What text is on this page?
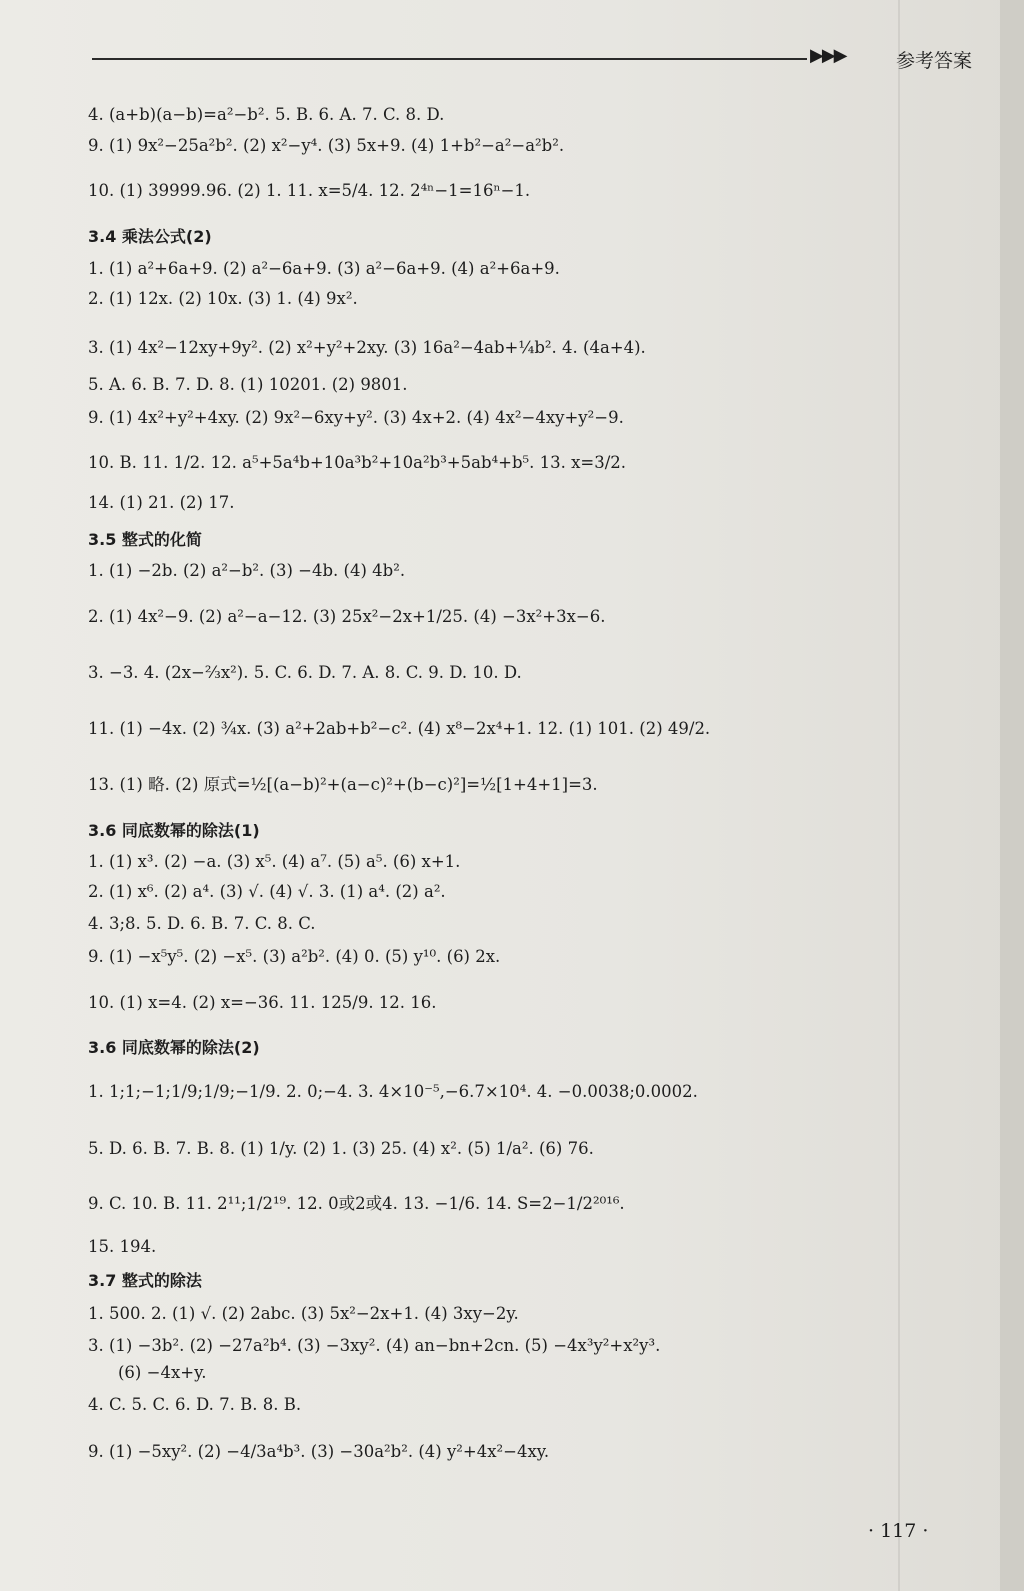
▶▶▶	参考答案
4. (a+b)(a−b)=a²−b². 5. B. 6. A. 7. C. 8. D.
9. (1) 9x²−25a²b². (2) x²−y⁴. (3) 5x+9. (4) 1+b²−a²−a²b².
10. (1) 39999.96. (2) 1. 11. x=5/4. 12. 2⁴ⁿ−1=16ⁿ−1.
3.4 乘法公式(2)
1. (1) a²+6a+9. (2) a²−6a+9. (3) a²−6a+9. (4) a²+6a+9.
2. (1) 12x. (2) 10x. (3) 1. (4) 9x².
3. (1) 4x²−12xy+9y². (2) x²+y²+2xy. (3) 16a²−4ab+¼b². 4. (4a+4).
5. A. 6. B. 7. D. 8. (1) 10201. (2) 9801.
9. (1) 4x²+y²+4xy. (2) 9x²−6xy+y². (3) 4x+2. (4) 4x²−4xy+y²−9.
10. B. 11. 1/2. 12. a⁵+5a⁴b+10a³b²+10a²b³+5ab⁴+b⁵. 13. x=3/2.
14. (1) 21. (2) 17.
3.5 整式的化简
1. (1) −2b. (2) a²−b². (3) −4b. (4) 4b².
2. (1) 4x²−9. (2) a²−a−12. (3) 25x²−2x+1/25. (4) −3x²+3x−6.
3. −3. 4. (2x−⅔x²). 5. C. 6. D. 7. A. 8. C. 9. D. 10. D.
11. (1) −4x. (2) ¾x. (3) a²+2ab+b²−c². (4) x⁸−2x⁴+1. 12. (1) 101. (2) 49/2.
13. (1) 略. (2) 原式=½[(a−b)²+(a−c)²+(b−c)²]=½[1+4+1]=3.
3.6 同底数幂的除法(1)
1. (1) x³. (2) −a. (3) x⁵. (4) a⁷. (5) a⁵. (6) x+1.
2. (1) x⁶. (2) a⁴. (3) √. (4) √. 3. (1) a⁴. (2) a².
4. 3;8. 5. D. 6. B. 7. C. 8. C.
9. (1) −x⁵y⁵. (2) −x⁵. (3) a²b². (4) 0. (5) y¹⁰. (6) 2x.
10. (1) x=4. (2) x=−36. 11. 125/9. 12. 16.
3.6 同底数幂的除法(2)
1. 1;1;−1;1/9;1/9;−1/9. 2. 0;−4. 3. 4×10⁻⁵,−6.7×10⁴. 4. −0.0038;0.0002.
5. D. 6. B. 7. B. 8. (1) 1/y. (2) 1. (3) 25. (4) x². (5) 1/a². (6) 76.
9. C. 10. B. 11. 2¹¹;1/2¹⁹. 12. 0或2或4. 13. −1/6. 14. S=2−1/2²⁰¹⁶.
15. 194.
3.7 整式的除法
1. 500. 2. (1) √. (2) 2abc. (3) 5x²−2x+1. (4) 3xy−2y.
3. (1) −3b². (2) −27a²b⁴. (3) −3xy². (4) an−bn+2cn. (5) −4x³y²+x²y³.
(6) −4x+y.
4. C. 5. C. 6. D. 7. B. 8. B.
9. (1) −5xy². (2) −4/3a⁴b³. (3) −30a²b². (4) y²+4x²−4xy.
· 117 ·
